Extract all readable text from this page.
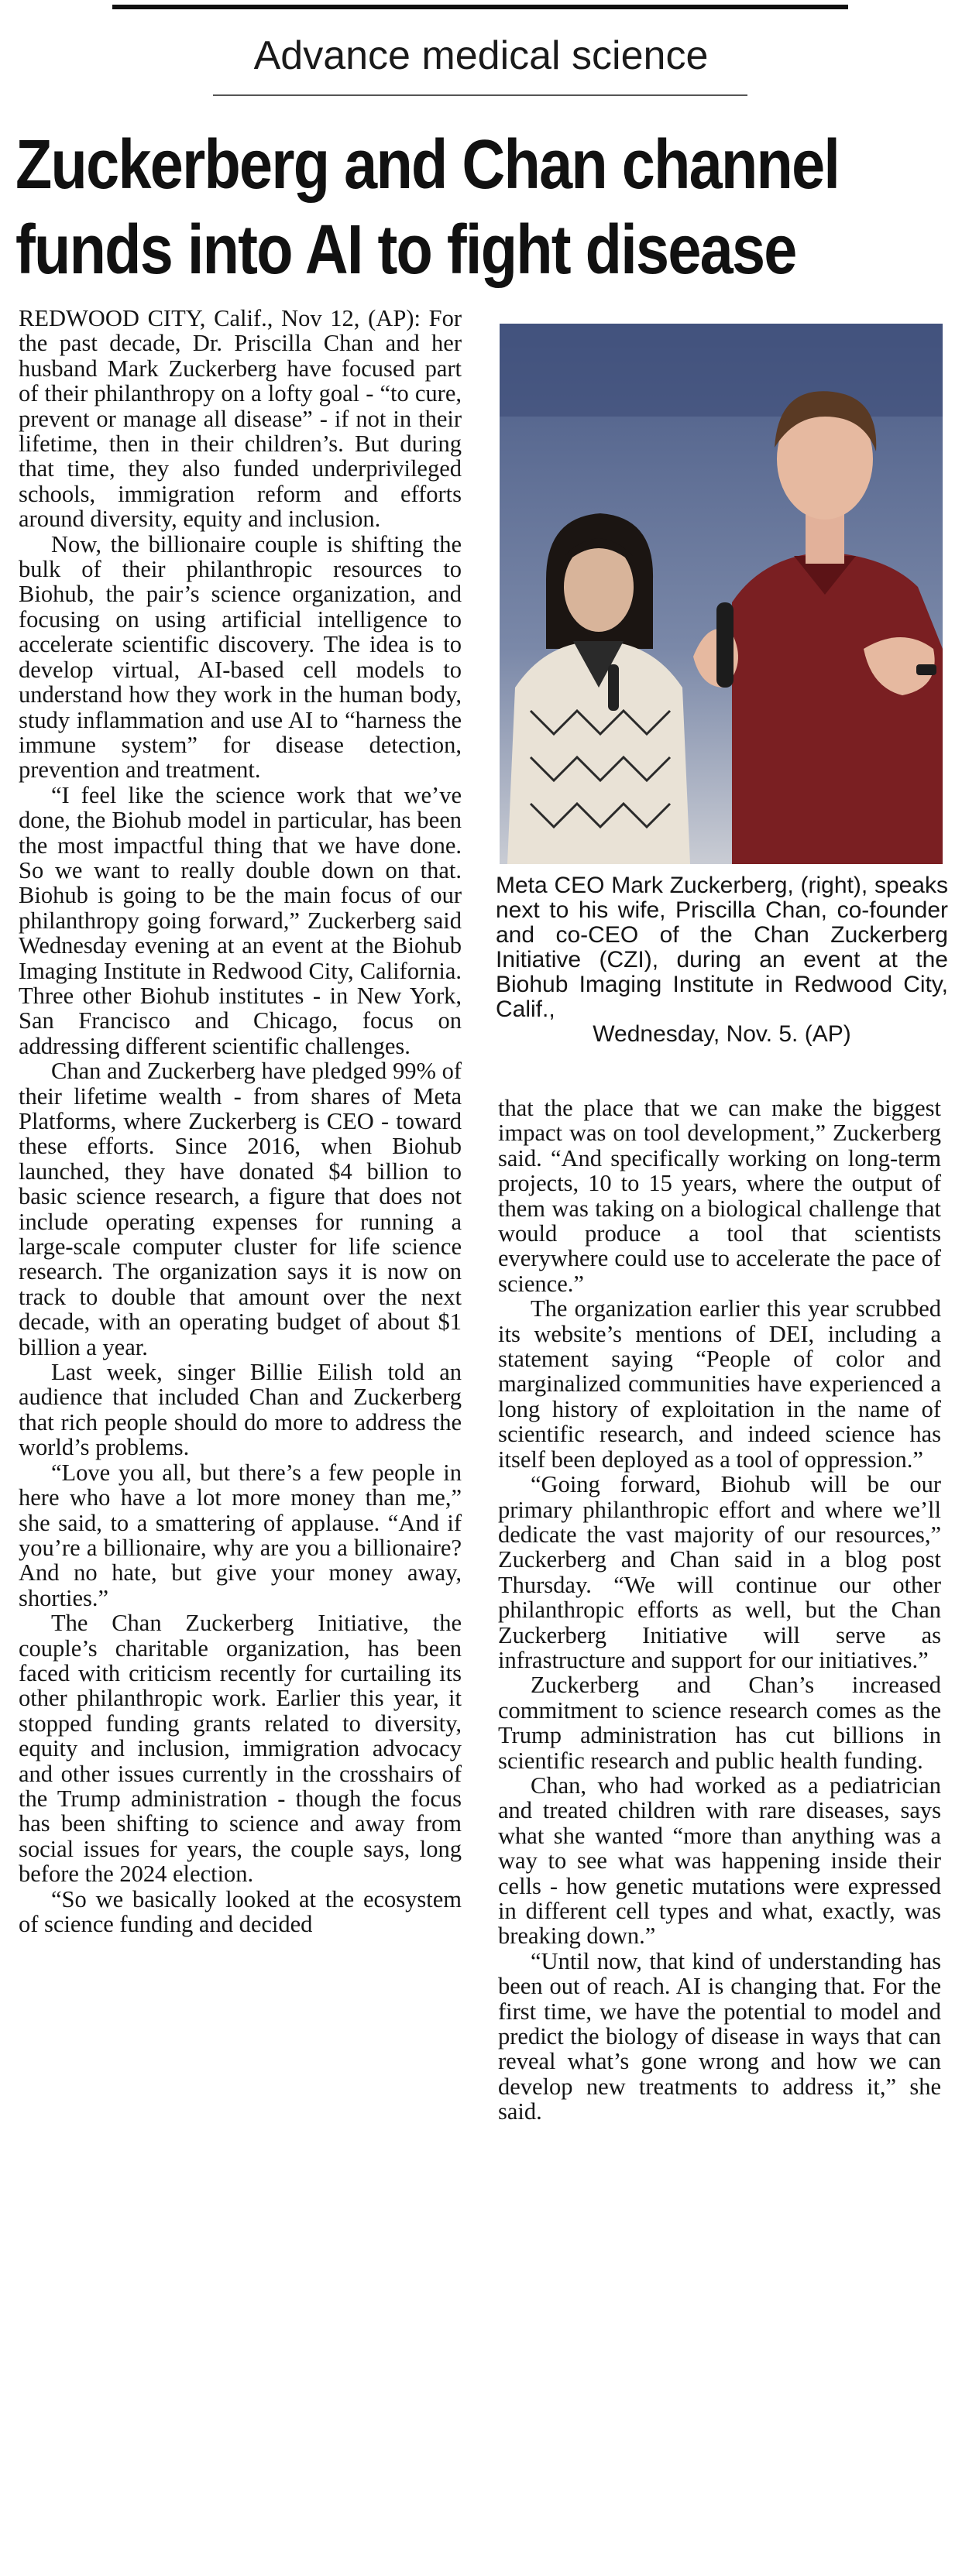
Advance medical science
Zuckerberg and Chan channel
funds into AI to fight disease

REDWOOD CITY, Calif., Nov 12, (AP): For the past decade, Dr. Priscilla Chan and her husband Mark Zuckerberg have focused part of their philanthropy on a lofty goal - “to cure, prevent or manage all disease” - if not in their lifetime, then in their children’s. But during that time, they also funded underprivileged schools, immigration reform and efforts around diversity, equity and inclusion.

Now, the billionaire couple is shifting the bulk of their philanthropic resources to Biohub, the pair’s science organization, and focusing on using artificial intelligence to accelerate scientific discovery. The idea is to develop virtual, AI-based cell models to understand how they work in the human body, study inflammation and use AI to “harness the immune system” for disease detection, prevention and treatment.

“I feel like the science work that we’ve done, the Biohub model in particular, has been the most impactful thing that we have done. So we want to really double down on that. Biohub is going to be the main focus of our philanthropy going forward,” Zuckerberg said Wednesday evening at an event at the Biohub Imaging Institute in Redwood City, California. Three other Biohub institutes - in New York, San Francisco and Chicago, focus on addressing different scientific challenges.

Chan and Zuckerberg have pledged 99% of their lifetime wealth - from shares of Meta Platforms, where Zuckerberg is CEO - toward these efforts. Since 2016, when Biohub launched, they have donated $4 billion to basic science research, a figure that does not include operating expenses for running a large-scale computer cluster for life science research. The organization says it is now on track to double that amount over the next decade, with an operating budget of about $1 billion a year.

Last week, singer Billie Eilish told an audience that included Chan and Zuckerberg that rich people should do more to address the world’s problems.

“Love you all, but there’s a few people in here who have a lot more money than me,” she said, to a smattering of applause. “And if you’re a billionaire, why are you a billionaire? And no hate, but give your money away, shorties.”

The Chan Zuckerberg Initiative, the couple’s charitable organization, has been faced with criticism recently for curtailing its other philanthropic work. Earlier this year, it stopped funding grants related to diversity, equity and inclusion, immigration advocacy and other issues currently in the crosshairs of the Trump administration - though the focus has been shifting to science and away from social issues for years, the couple says, long before the 2024 election.

“So we basically looked at the ecosystem of science funding and decided

Meta CEO Mark Zuckerberg, (right), speaks next to his wife, Priscilla Chan, co-founder and co-CEO of the Chan Zuckerberg Initiative (CZI), during an event at the Biohub Imaging Institute in Redwood City, Calif.,
Wednesday, Nov. 5. (AP)

that the place that we can make the biggest impact was on tool development,” Zuckerberg said. “And specifically working on long-term projects, 10 to 15 years, where the output of them was taking on a biological challenge that would produce a tool that scientists everywhere could use to accelerate the pace of science.”

The organization earlier this year scrubbed its website’s mentions of DEI, including a statement saying “People of color and marginalized communities have experienced a long history of exploitation in the name of scientific research, and indeed science has itself been deployed as a tool of oppression.”

“Going forward, Biohub will be our primary philanthropic effort and where we’ll dedicate the vast majority of our resources,” Zuckerberg and Chan said in a blog post Thursday. “We will continue our other philanthropic efforts as well, but the Chan Zuckerberg Initiative will serve as infrastructure and support for our initiatives.”

Zuckerberg and Chan’s increased commitment to science research comes as the Trump administration has cut billions in scientific research and public health funding.

Chan, who had worked as a pediatrician and treated children with rare diseases, says what she wanted “more than anything was a way to see what was happening inside their cells - how genetic mutations were expressed in different cell types and what, exactly, was breaking down.”

“Until now, that kind of understanding has been out of reach. AI is changing that. For the first time, we have the potential to model and predict the biology of disease in ways that can reveal what’s gone wrong and how we can develop new treatments to address it,” she said.
